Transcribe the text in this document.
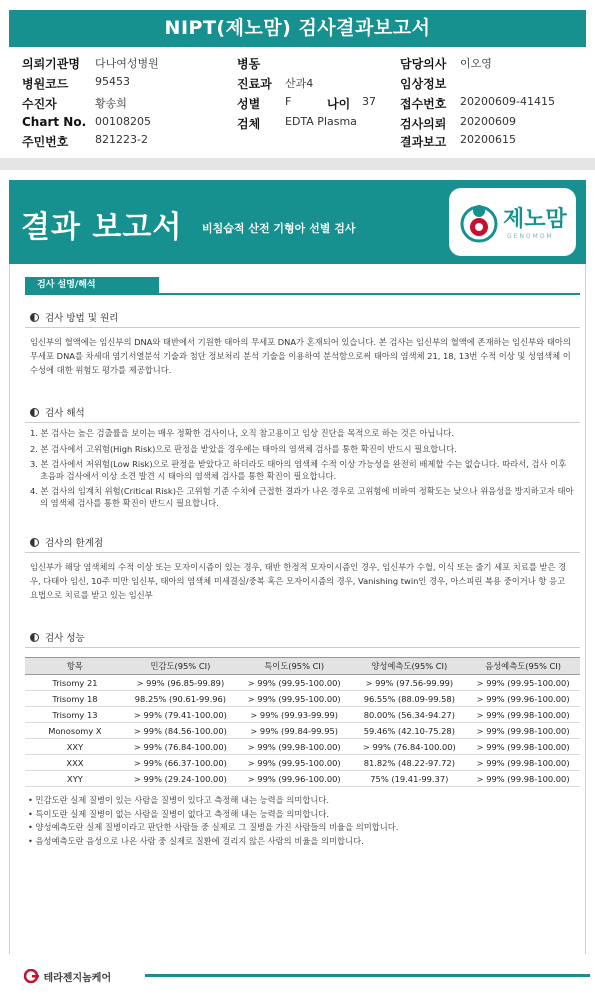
NIPT(제노맘) 검사결과보고서
의뢰기관명 다나여성병원	병동	담당의사 이오영
병원코드 95453	진료과 산과4	임상정보
수진자	황송희	성별 F	나이 37 접수번호 20200609-41415
Chart No. 00108205	검체 EDTA Plasma	검사의뢰 20200609
주민번호 821223-2	결과보고 20200615
결과 보고서 비침습적 산전 기형아 선별 검사	제노맘
GENOMOM
검사 설명/해석
검사 방법 및 원리
임신부의 혈액에는 임신부의 DNA와 태반에서 기원한 태아의 무세포 DNA가 혼재되어 있습니다. 본 검사는 임신부의 혈액에 존재하는 임신부와 태아의 무세포 DNA를 차세대 염기서열분석 기술과 첨단 정보처리 분석 기술을 이용하여 분석함으로써 태아의 염색체 21, 18, 13번 수적 이상 및 성염색체 이수성에 대한 위험도 평가를 제공합니다.
검사 해석
1. 본 검사는 높은 검출률을 보이는 매우 정확한 검사이나, 오직 참고용이고 임상 진단을 목적으로 하는 것은 아닙니다.
2. 본 검사에서 고위험(High Risk)으로 판정을 받았을 경우에는 태아의 염색체 검사를 통한 확진이 반드시 필요합니다.
3. 본 검사에서 저위험(Low Risk)으로 판정을 받았다고 하더라도 태아의 염색체 수적 이상 가능성을 완전히 배제할 수는 없습니다. 따라서, 검사 이후 초음파 검사에서 이상 소견 발견 시 태아의 염색체 검사를 통한 확진이 필요합니다.
4. 본 검사의 임계치 위험(Critical Risk)은 고위험 기준 수치에 근접한 결과가 나온 경우로 고위험에 비하여 정확도는 낮으나 위음성을 방지하고자 태아의 염색체 검사를 통한 확진이 반드시 필요합니다.
검사의 한계점
임신부가 해당 염색체의 수적 이상 또는 모자이시즘이 있는 경우, 태반 한정적 모자이시즘인 경우, 임신부가 수혈, 이식 또는 줄기 세포 치료를 받은 경우, 다태아 임신, 10주 미만 임신부, 태아의 염색체 미세결실/중복 혹은 모자이시즘의 경우, Vanishing twin인 경우, 아스피린 복용 중이거나 항 응고 요법으로 치료를 받고 있는 임신부
검사 성능
항목	민감도(95% CI)	특이도(95% CI)	양성예측도(95% CI)	음성예측도(95% CI)
Trisomy 21	> 99% (96.85-99.89)	> 99% (99.95-100.00)	> 99% (97.56-99.99)	> 99% (99.95-100.00)
Trisomy 18	98.25% (90.61-99.96)	> 99% (99.95-100.00)	96.55% (88.09-99.58)	> 99% (99.96-100.00)
Trisomy 13	> 99% (79.41-100.00)	> 99% (99.93-99.99)	80.00% (56.34-94.27)	> 99% (99.98-100.00)
Monosomy X	> 99% (84.56-100.00)	> 99% (99.84-99.95)	59.46% (42.10-75.28)	> 99% (99.98-100.00)
XXY	> 99% (76.84-100.00)	> 99% (99.98-100.00)	> 99% (76.84-100.00)	> 99% (99.98-100.00)
XXX	> 99% (66.37-100.00)	> 99% (99.95-100.00)	81.82% (48.22-97.72)	> 99% (99.98-100.00)
XYY	> 99% (29.24-100.00)	> 99% (99.96-100.00)	75% (19.41-99.37)	> 99% (99.98-100.00)
• 민감도란 실제 질병이 있는 사람을 질병이 있다고 측정해 내는 능력을 의미합니다.
• 특이도란 실제 질병이 없는 사람을 질병이 없다고 측정해 내는 능력을 의미합니다.
• 양성예측도란 실제 질병이라고 판단한 사람들 중 실제로 그 질병을 가진 사람들의 비율을 의미합니다.
• 음성예측도란 음성으로 나온 사람 중 실제로 질환에 걸리지 않은 사람의 비율을 의미합니다.
테라젠지놈케어
